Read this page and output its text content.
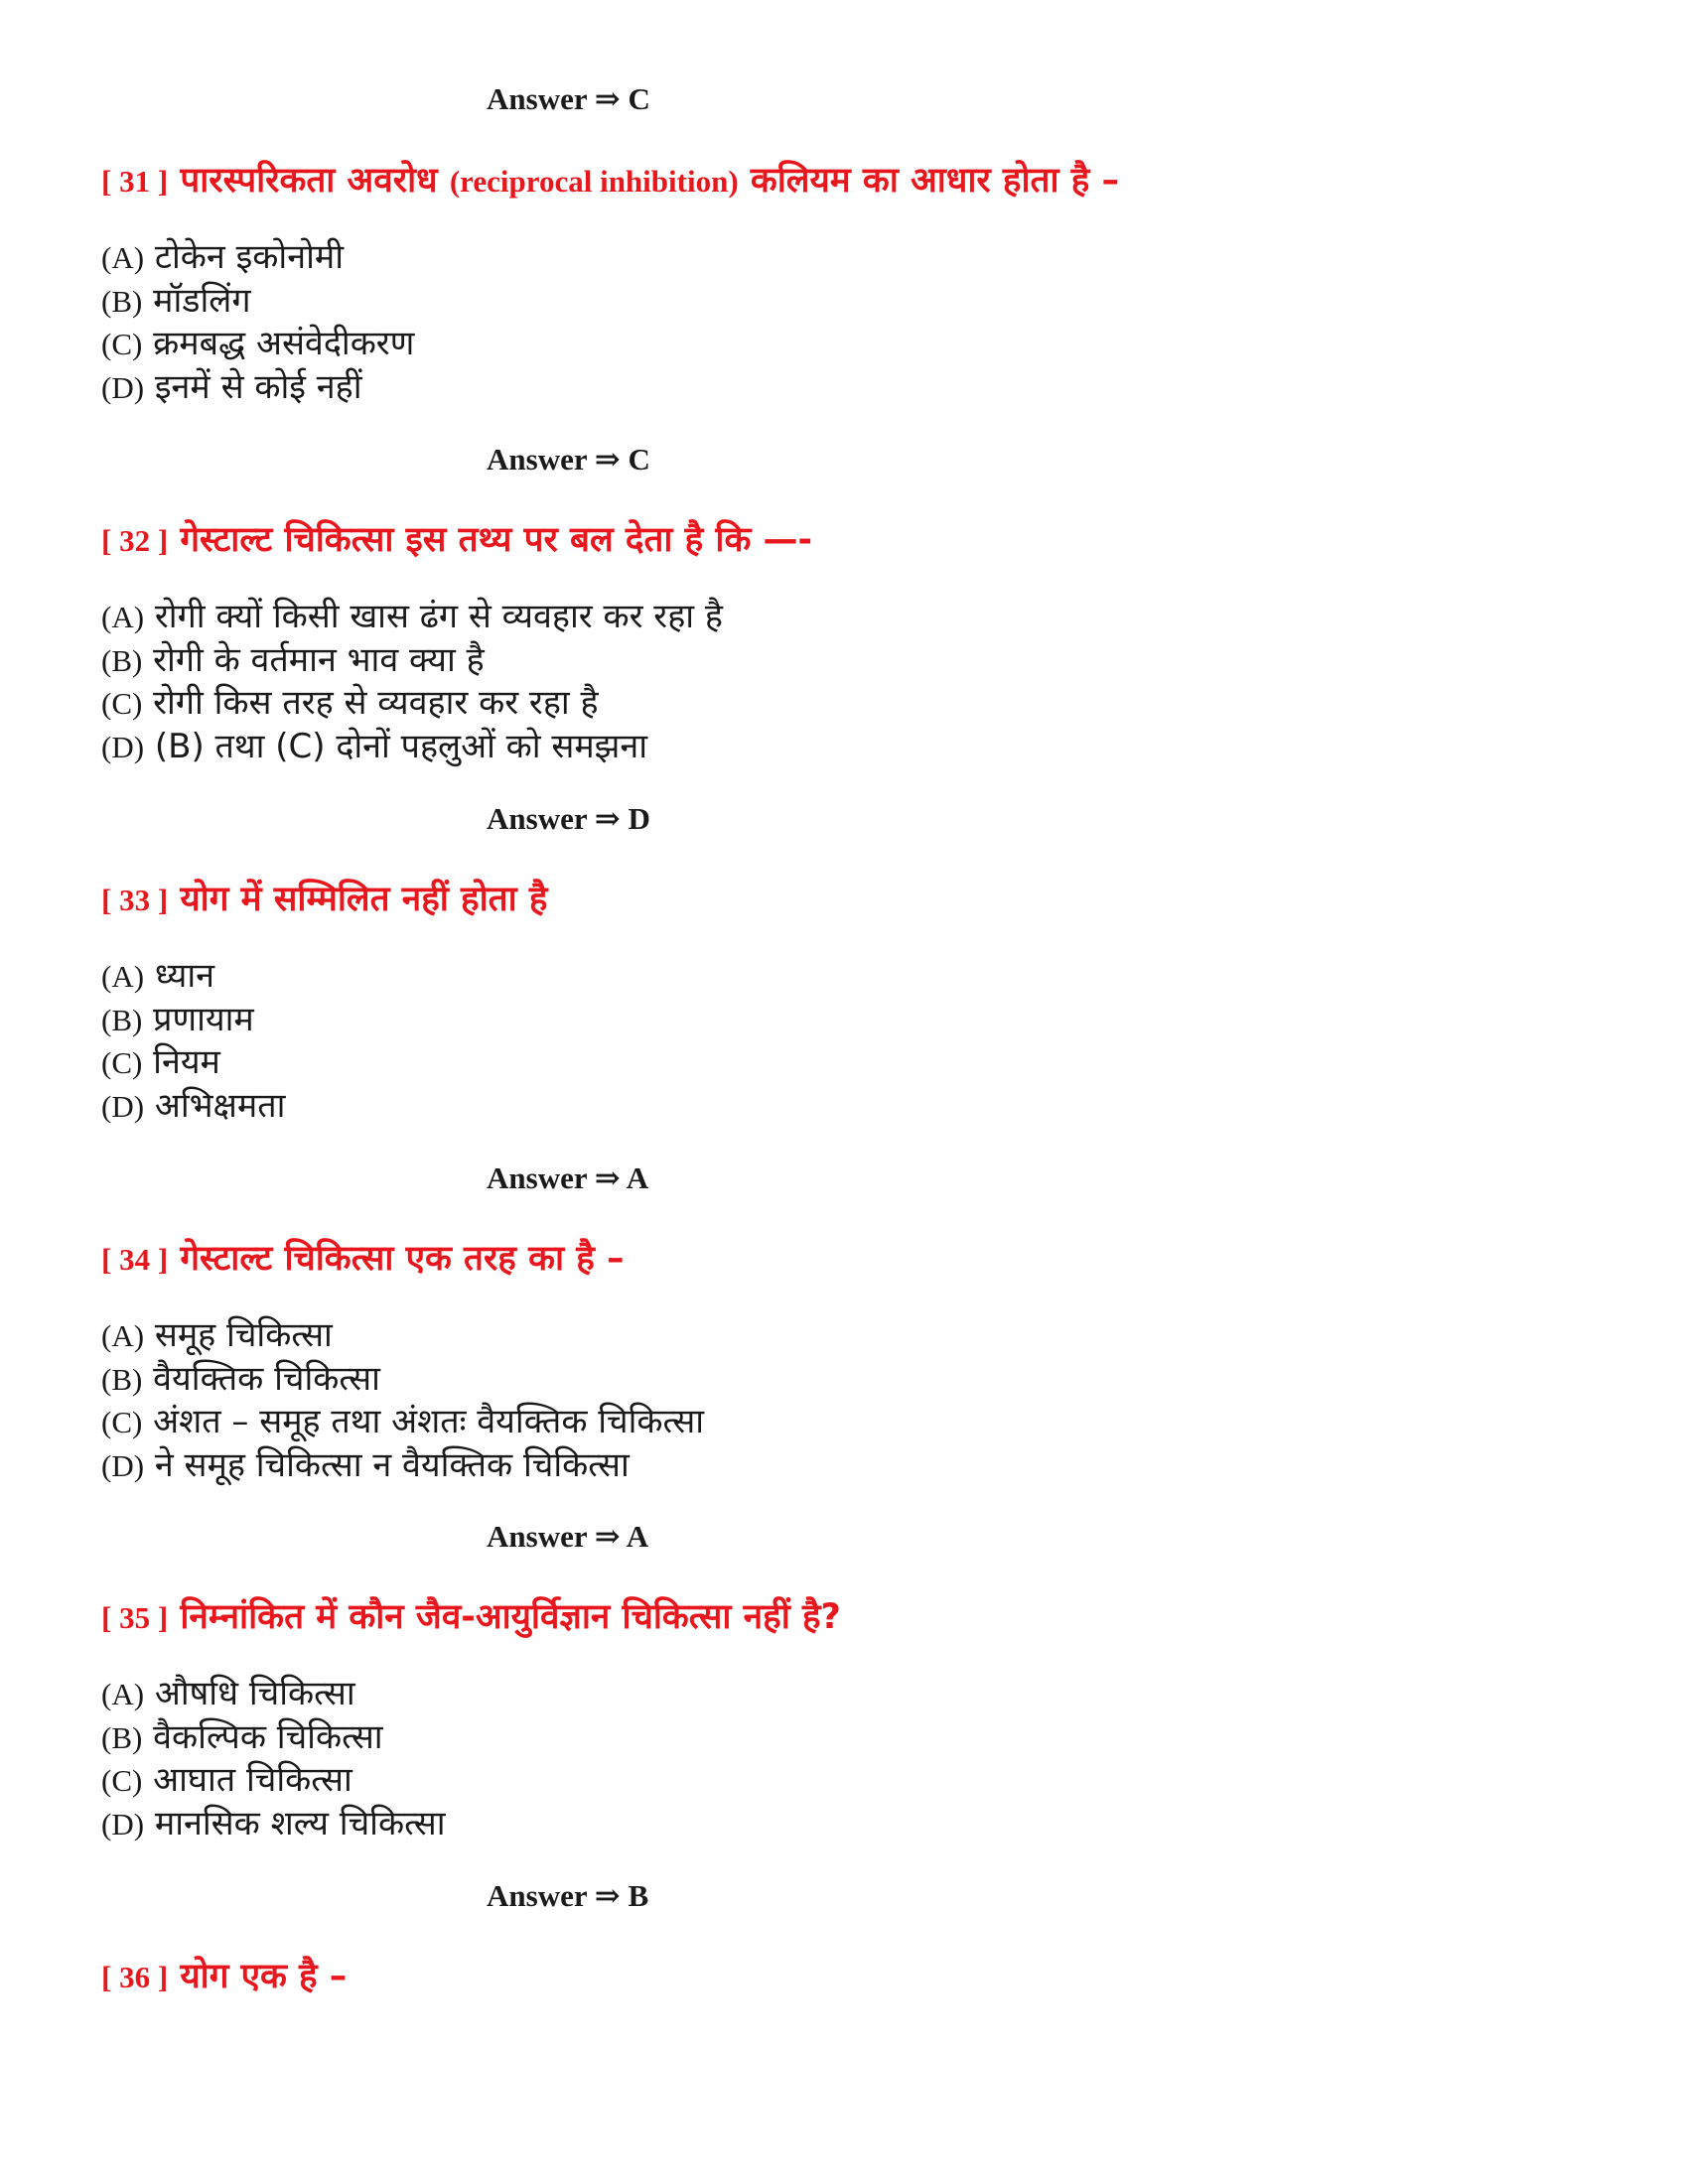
Answer ⇒ C
[ 31 ] पारस्परिकता अवरोध (reciprocal inhibition) कलियम का आधार होता है –
(A) टोकेन इकोनोमी
(B) मॉडलिंग
(C) क्रमबद्ध असंवेदीकरण
(D) इनमें से कोई नहीं
Answer ⇒ C
[ 32 ] गेस्टाल्ट चिकित्सा इस तथ्य पर बल देता है कि —-
(A) रोगी क्यों किसी खास ढंग से व्यवहार कर रहा है
(B) रोगी के वर्तमान भाव क्या है
(C) रोगी किस तरह से व्यवहार कर रहा है
(D) (B) तथा (C) दोनों पहलुओं को समझना
Answer ⇒ D
[ 33 ] योग में सम्मिलित नहीं होता है
(A) ध्यान
(B) प्रणायाम
(C) नियम
(D) अभिक्षमता
Answer ⇒ A
[ 34 ] गेस्टाल्ट चिकित्सा एक तरह का है –
(A) समूह चिकित्सा
(B) वैयक्तिक चिकित्सा
(C) अंशत – समूह तथा अंशतः वैयक्तिक चिकित्सा
(D) ने समूह चिकित्सा न वैयक्तिक चिकित्सा
Answer ⇒ A
[ 35 ] निम्नांकित में कौन जैव-आयुर्विज्ञान चिकित्सा नहीं है?
(A) औषधि चिकित्सा
(B) वैकल्पिक चिकित्सा
(C) आघात चिकित्सा
(D) मानसिक शल्य चिकित्सा
Answer ⇒ B
[ 36 ] योग एक है –
